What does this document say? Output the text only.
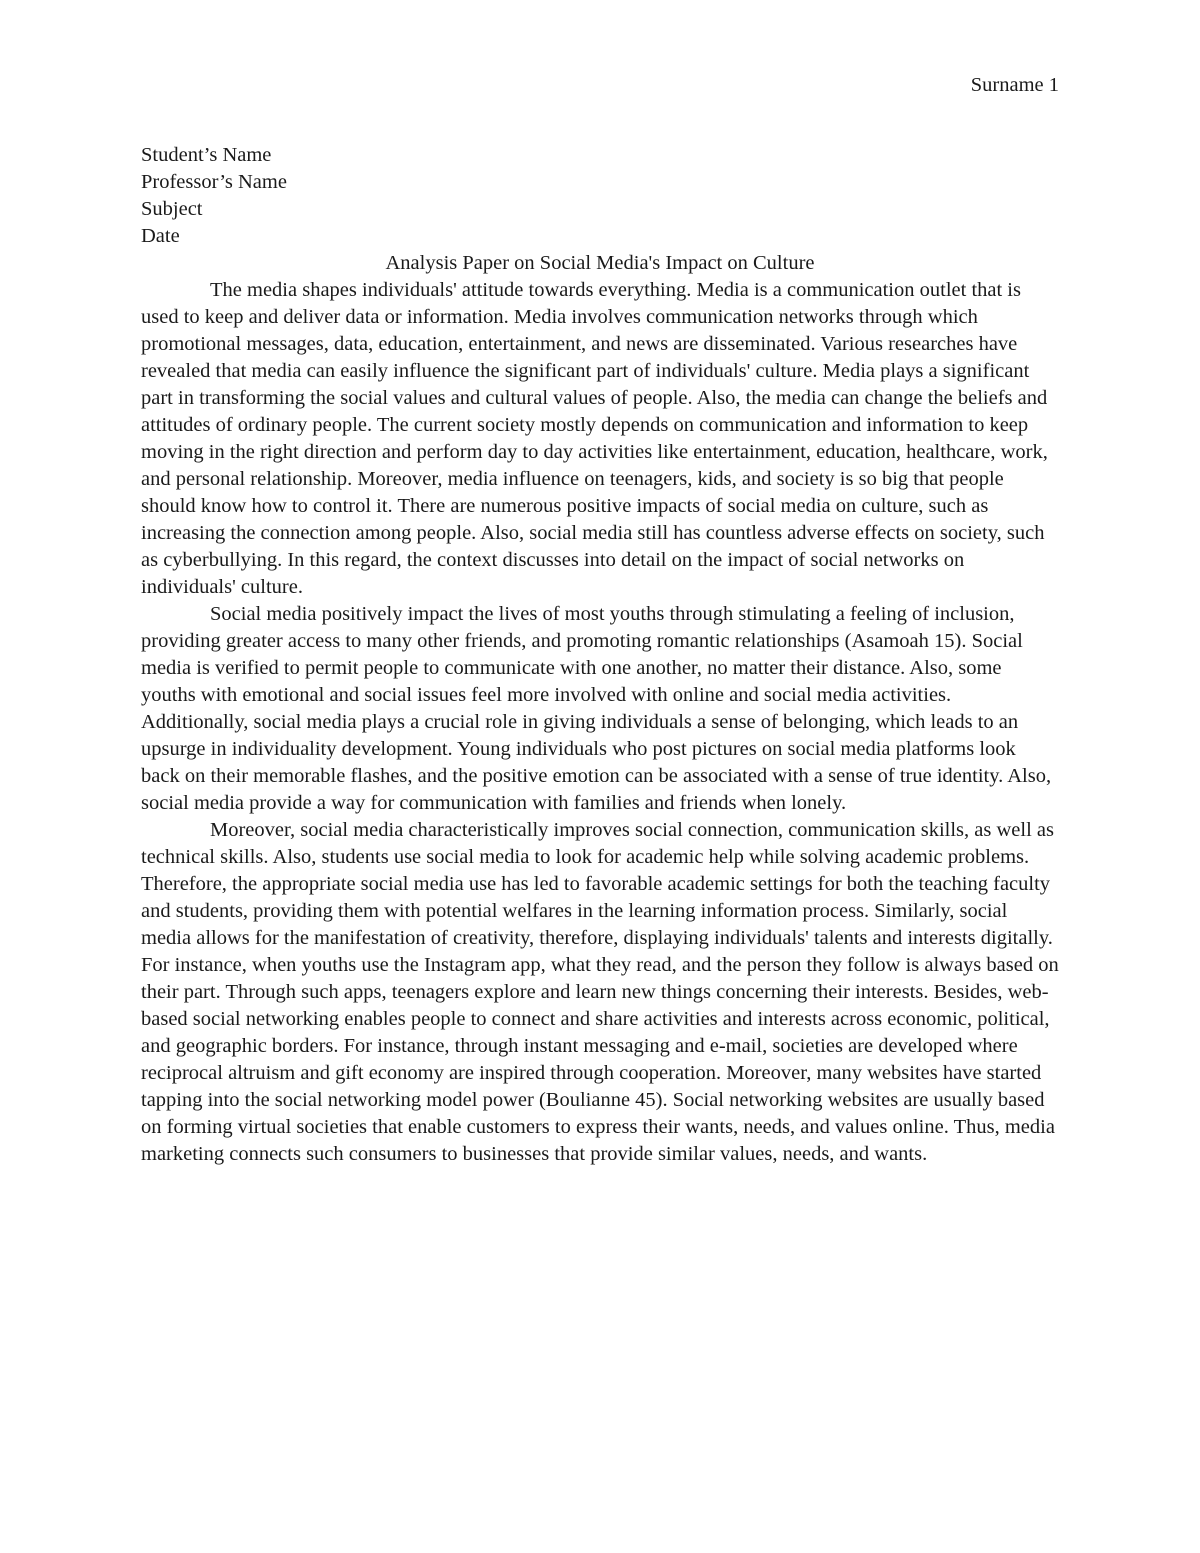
Surname 1

Student’s Name

Professor’s Name

Subject

Date

Analysis Paper on Social Media's Impact on Culture

The media shapes individuals' attitude towards everything. Media is a communication outlet that is used to keep and deliver data or information. Media involves communication networks through which promotional messages, data, education, entertainment, and news are disseminated. Various researches have revealed that media can easily influence the significant part of individuals' culture. Media plays a significant part in transforming the social values and cultural values of people. Also, the media can change the beliefs and attitudes of ordinary people. The current society mostly depends on communication and information to keep moving in the right direction and perform day to day activities like entertainment, education, healthcare, work, and personal relationship. Moreover, media influence on teenagers, kids, and society is so big that people should know how to control it. There are numerous positive impacts of social media on culture, such as increasing the connection among people. Also, social media still has countless adverse effects on society, such as cyberbullying. In this regard, the context discusses into detail on the impact of social networks on individuals' culture.

Social media positively impact the lives of most youths through stimulating a feeling of inclusion, providing greater access to many other friends, and promoting romantic relationships (Asamoah 15). Social media is verified to permit people to communicate with one another, no matter their distance. Also, some youths with emotional and social issues feel more involved with online and social media activities. Additionally, social media plays a crucial role in giving individuals a sense of belonging, which leads to an upsurge in individuality development. Young individuals who post pictures on social media platforms look back on their memorable flashes, and the positive emotion can be associated with a sense of true identity. Also, social media provide a way for communication with families and friends when lonely.

Moreover, social media characteristically improves social connection, communication skills, as well as technical skills. Also, students use social media to look for academic help while solving academic problems. Therefore, the appropriate social media use has led to favorable academic settings for both the teaching faculty and students, providing them with potential welfares in the learning information process. Similarly, social media allows for the manifestation of creativity, therefore, displaying individuals' talents and interests digitally. For instance, when youths use the Instagram app, what they read, and the person they follow is always based on their part. Through such apps, teenagers explore and learn new things concerning their interests. Besides, web-based social networking enables people to connect and share activities and interests across economic, political, and geographic borders. For instance, through instant messaging and e-mail, societies are developed where reciprocal altruism and gift economy are inspired through cooperation. Moreover, many websites have started tapping into the social networking model power (Boulianne 45). Social networking websites are usually based on forming virtual societies that enable customers to express their wants, needs, and values online. Thus, media marketing connects such consumers to businesses that provide similar values, needs, and wants.
